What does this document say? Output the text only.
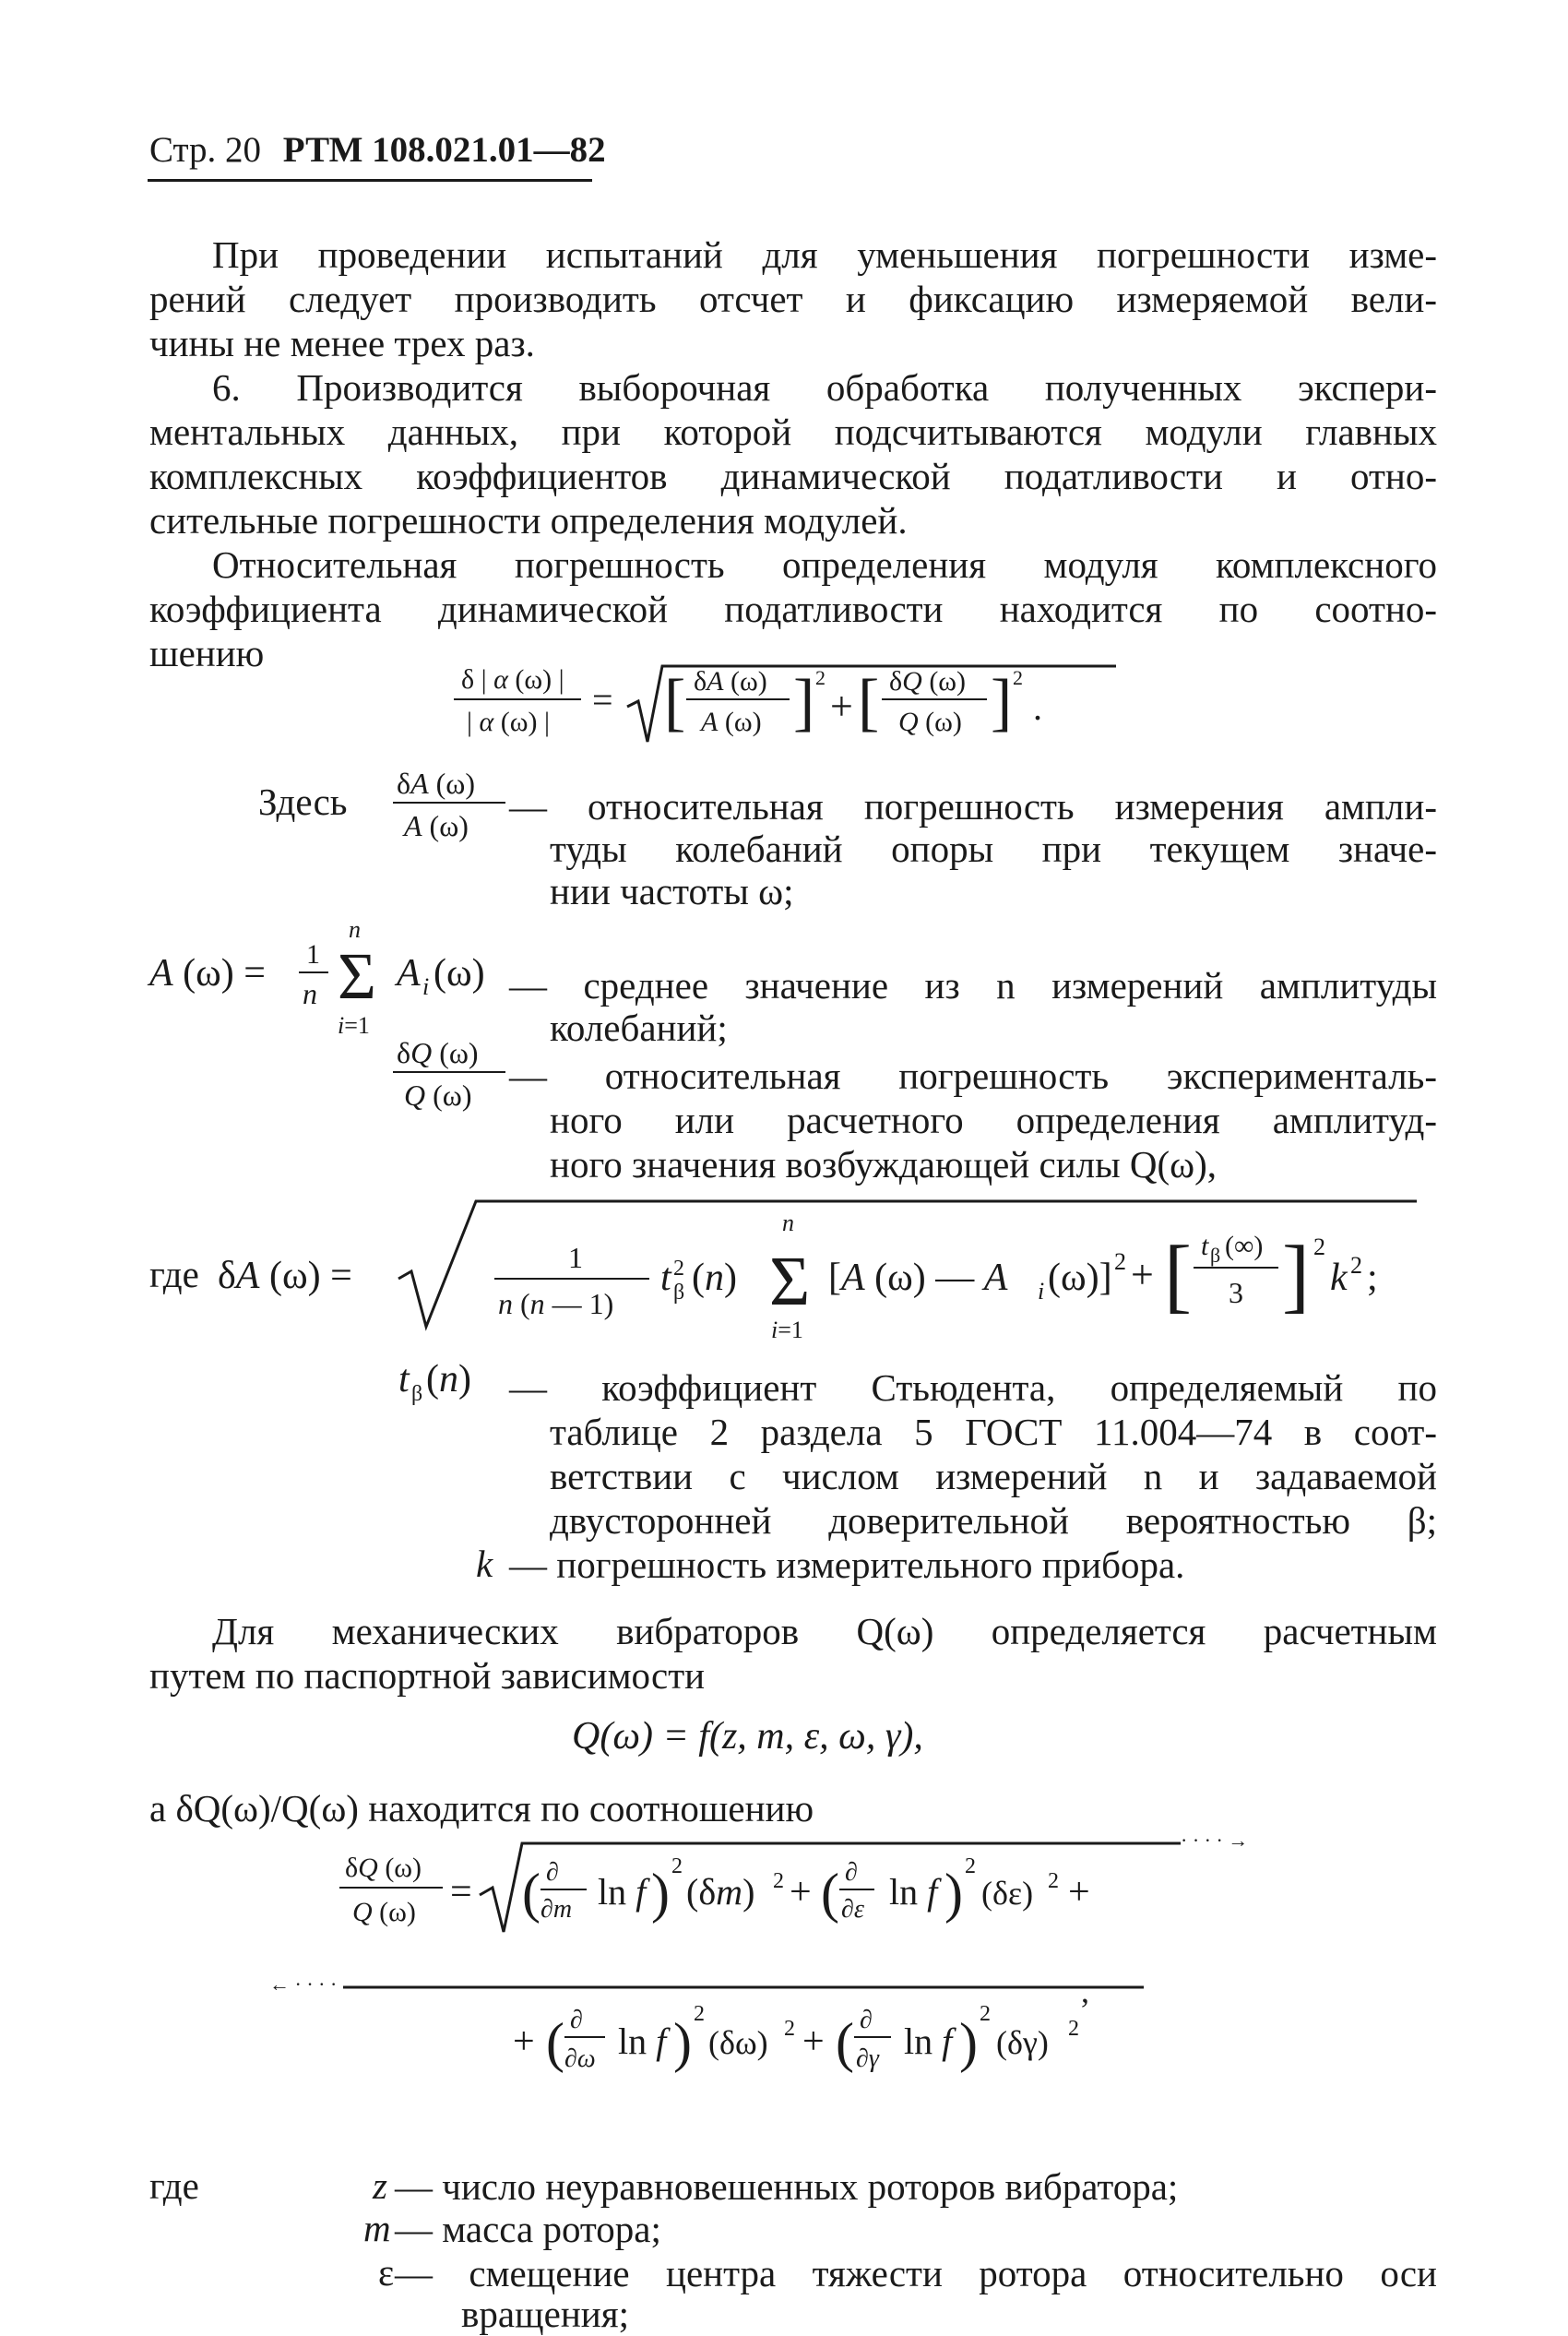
Стр. 20 РТМ 108.021.01—82
При проведении испытаний для уменьшения погрешности изме-
рений следует производить отсчет и фиксацию измеряемой вели-
чины не менее трех раз.
6. Производится выборочная обработка полученных экспери-
ментальных данных, при которой подсчитываются модули главных
комплексных коэффициентов динамической податливости и отно-
сительные погрешности определения модулей.
Относительная погрешность определения модуля комплексного
коэффициента динамической податливости находится по соотно-
шению
δ | α (ω) |
| α (ω) |
= [ δA (ω)
A (ω) ] 2
+ [ δQ (ω)
Q (ω) ] 2
.
Здесь δA (ω)
A (ω) — относительная погрешность измерения ампли-
туды колебаний опоры при текущем значе-
нии частоты ω;
A (ω) = 1
n
n
Σ
i=1
A i (ω) — среднее значение из n измерений амплитуды
колебаний;
δQ (ω)
Q (ω) — относительная погрешность эксперименталь-
ного или расчетного определения амплитуд-
ного значения возбуждающей силы Q(ω),
где δA (ω) =	1
n (n — 1)
t 2
β (n)
n
Σ
i=1
[A (ω) — A i (ω)] 2 + [ t β (∞)
3 ] 2
k 2 ;
t β (n) — коэффициент Стьюдента, определяемый по
таблице 2 раздела 5 ГОСТ 11.004—74 в соот-
ветствии с числом измерений n и задаваемой
двусторонней доверительной вероятностью β;
k — погрешность измерительного прибора.
Для механических вибраторов Q(ω) определяется расчетным
путем по паспортной зависимости
Q(ω) = f(z, m, ε, ω, γ),
а δQ(ω)/Q(ω) находится по соотношению
δQ (ω)
Q (ω) =
· · · · →
( ∂
∂m ln f ) 2
(δm) 2 + ( ∂
∂ε ln f ) 2
(δε) 2 +
← · · · ·
+ ( ∂
∂ω ln f ) 2
(δω) 2 + ( ∂
∂γ ln f ) 2
(δγ) 2
,
где	z — число неуравновешенных роторов вибратора;
m — масса ротора;
ε — смещение центра тяжести ротора относительно оси
вращения;
